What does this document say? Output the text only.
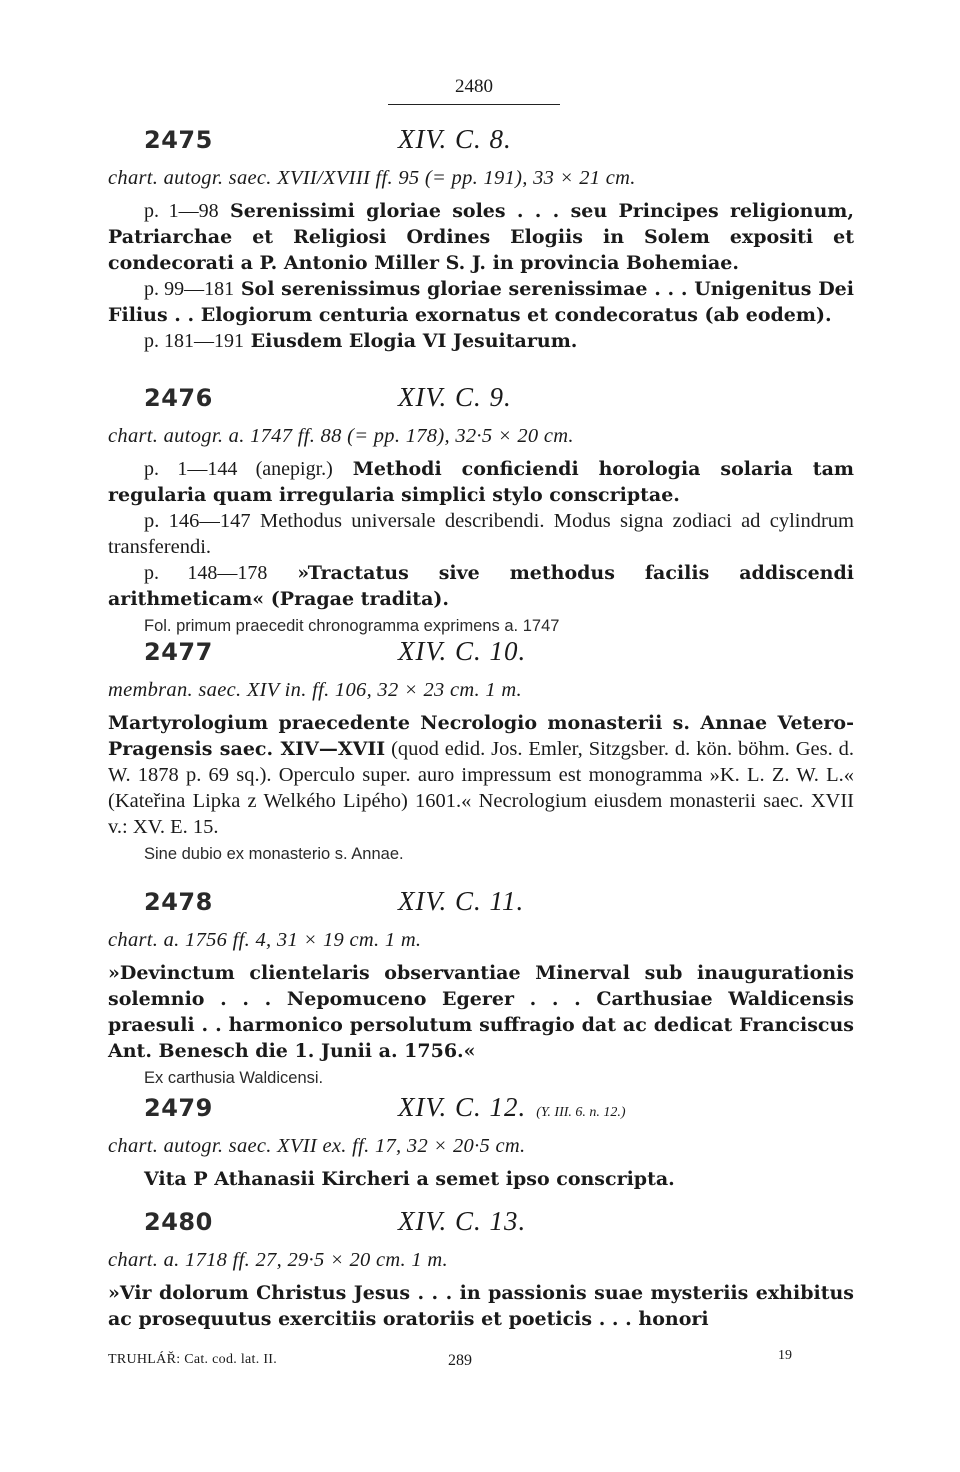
2480
2475	XIV. C. 8.
chart. autogr. saec. XVII/XVIII ff. 95 (= pp. 191), 33 × 21 cm.

p. 1—98 Serenissimi gloriae soles . . . seu Principes religionum, Patriarchae et Religiosi Ordines Elogiis in Solem expositi et condecorati a P. Antonio Miller S. J. in provincia Bohemiae.

p. 99—181 Sol serenissimus gloriae serenissimae . . . Unigenitus Dei Filius . . Elogiorum centuria exornatus et condecoratus (ab eodem).

p. 181—191 Eiusdem Elogia VI Jesuitarum.

2476	XIV. C. 9.
chart. autogr. a. 1747 ff. 88 (= pp. 178), 32·5 × 20 cm.

p. 1—144 (anepigr.) Methodi conficiendi horologia solaria tam regularia quam irregularia simplici stylo conscriptae.

p. 146—147 Methodus universale describendi. Modus signa zodiaci ad cylindrum transferendi.

p. 148—178 »Tractatus sive methodus facilis addiscendi arithmeticam« (Pragae tradita).

Fol. primum praecedit chronogramma exprimens a. 1747
2477	XIV. C. 10.
membran. saec. XIV in. ff. 106, 32 × 23 cm. 1 m.

Martyrologium praecedente Necrologio monasterii s. Annae Vetero-Pragensis saec. XIV—XVII (quod edid. Jos. Emler, Sitzgsber. d. kön. böhm. Ges. d. W. 1878 p. 69 sq.). Operculo super. auro impressum est monogramma »K. L. Z. W. L.« (Kateřina Lipka z Welkého Lipého) 1601.« Necrologium eiusdem monasterii saec. XVII v.: XV. E. 15.

Sine dubio ex monasterio s. Annae.
2478	XIV. C. 11.
chart. a. 1756 ff. 4, 31 × 19 cm. 1 m.

»Devinctum clientelaris observantiae Minerval sub inaugurationis solemnio . . . Nepomuceno Egerer . . . Carthusiae Waldicensis praesuli . . harmonico persolutum suffragio dat ac dedicat Franciscus Ant. Benesch die 1. Junii a. 1756.«

Ex carthusia Waldicensi.
2479	XIV. C. 12. (Y. III. 6. n. 12.)
chart. autogr. saec. XVII ex. ff. 17, 32 × 20·5 cm.

Vita P Athanasii Kircheri a semet ipso conscripta.

2480	XIV. C. 13.
chart. a. 1718 ff. 27, 29·5 × 20 cm. 1 m.

»Vir dolorum Christus Jesus . . . in passionis suae mysteriis exhibitus ac prosequutus exercitiis oratoriis et poeticis . . . honori

TRUHLÁŘ: Cat. cod. lat. II.	289	19
